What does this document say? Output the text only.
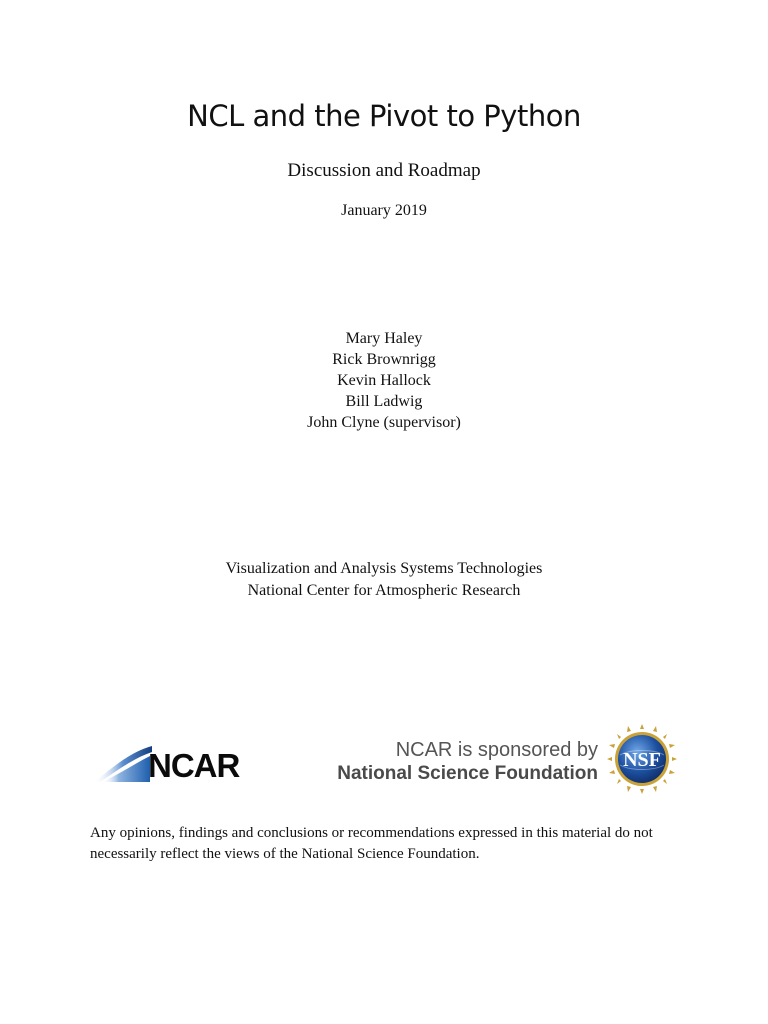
NCL and the Pivot to Python
Discussion and Roadmap
January 2019
Mary Haley
Rick Brownrigg
Kevin Hallock
Bill Ladwig
John Clyne (supervisor)
Visualization and Analysis Systems Technologies
National Center for Atmospheric Research
NCAR	NCAR is sponsored by
National Science Foundation
NSF
Any opinions, findings and conclusions or recommendations expressed in this material do not necessarily reflect the views of the National Science Foundation.
